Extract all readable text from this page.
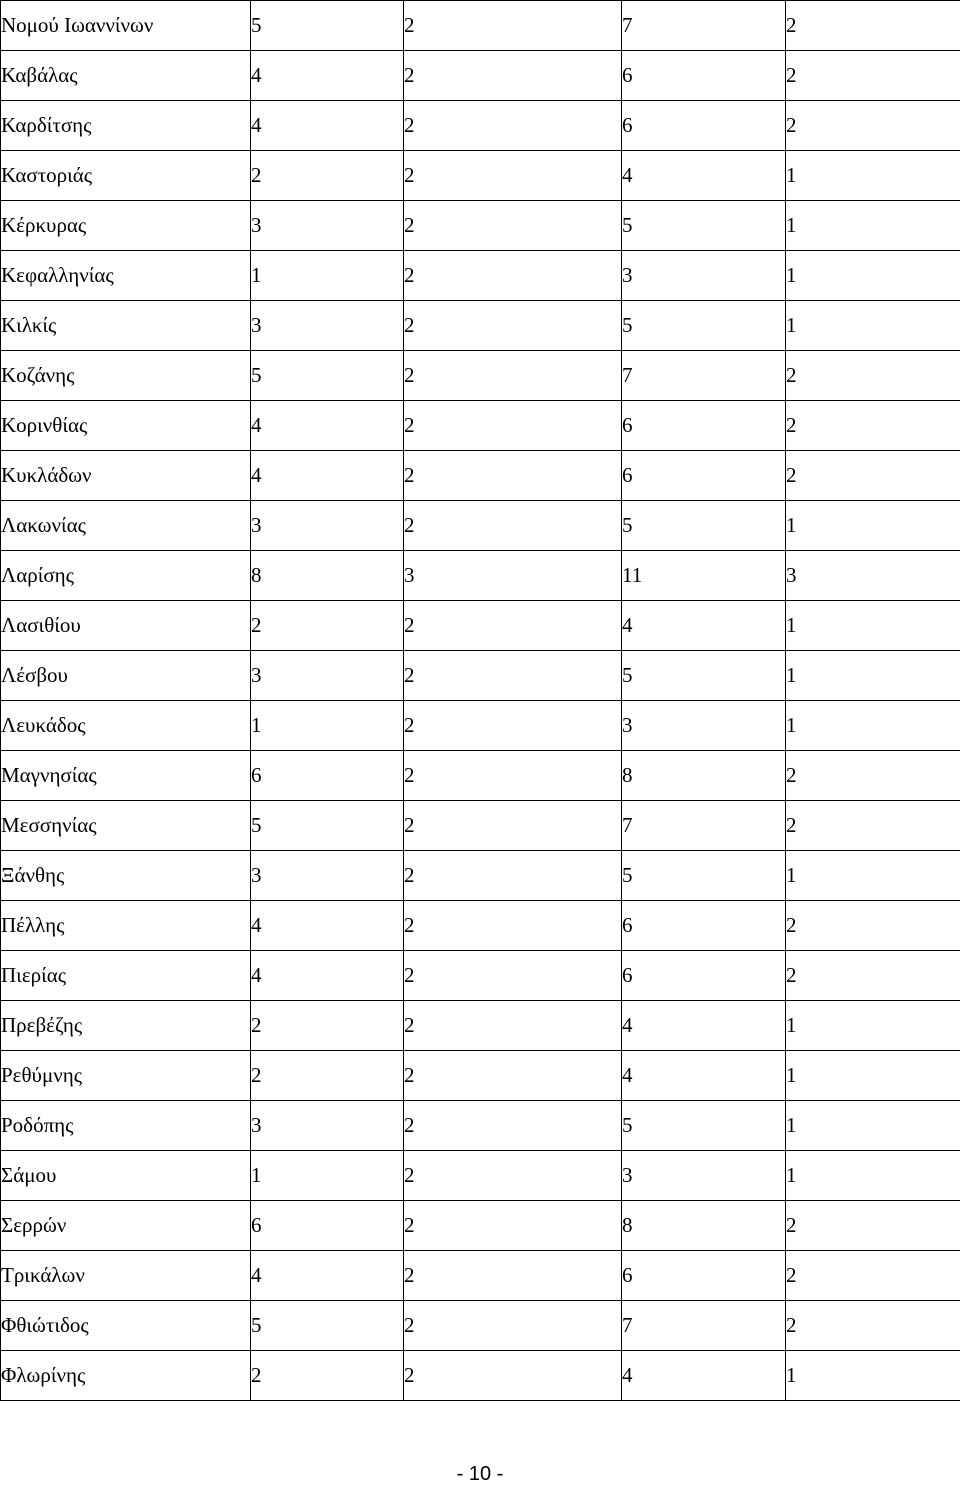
Νομού Ιωαννίνων	5	2	7	2
Καβάλας	4	2	6	2
Καρδίτσης	4	2	6	2
Καστοριάς	2	2	4	1
Κέρκυρας	3	2	5	1
Κεφαλληνίας	1	2	3	1
Κιλκίς	3	2	5	1
Κοζάνης	5	2	7	2
Κορινθίας	4	2	6	2
Κυκλάδων	4	2	6	2
Λακωνίας	3	2	5	1
Λαρίσης	8	3	11	3
Λασιθίου	2	2	4	1
Λέσβου	3	2	5	1
Λευκάδος	1	2	3	1
Μαγνησίας	6	2	8	2
Μεσσηνίας	5	2	7	2
Ξάνθης	3	2	5	1
Πέλλης	4	2	6	2
Πιερίας	4	2	6	2
Πρεβέζης	2	2	4	1
Ρεθύμνης	2	2	4	1
Ροδόπης	3	2	5	1
Σάμου	1	2	3	1
Σερρών	6	2	8	2
Τρικάλων	4	2	6	2
Φθιώτιδος	5	2	7	2
Φλωρίνης	2	2	4	1
- 10 -
